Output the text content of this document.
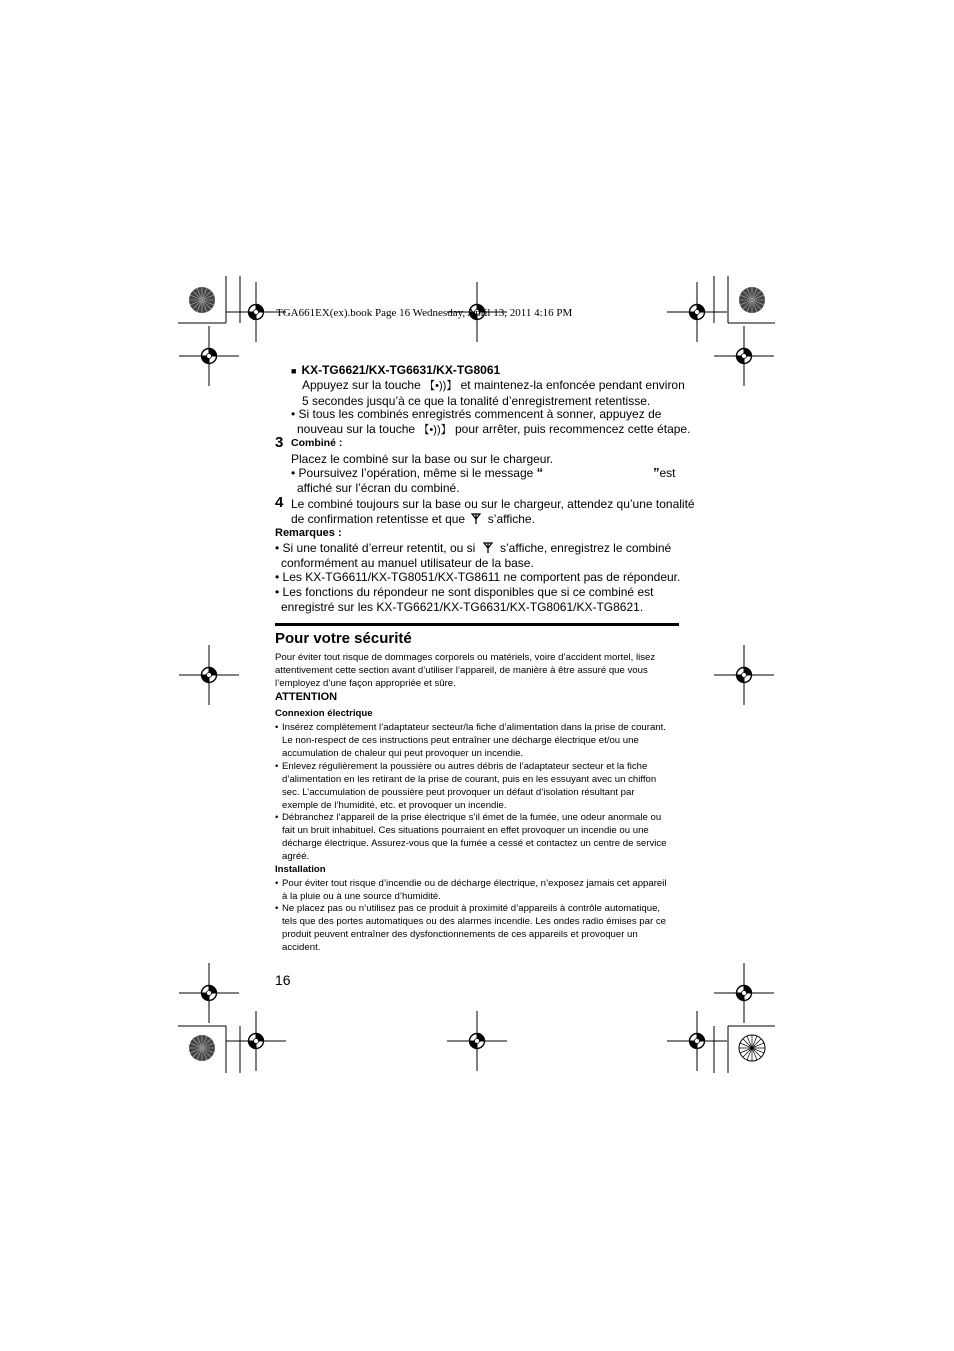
TGA661EX(ex).book Page 16 Wednesday, April 13, 2011 4:16 PM
■ KX-TG6621/KX-TG6631/KX-TG8061
Appuyez sur la touche 【•))】 et maintenez-la enfoncée pendant environ
5 secondes jusqu’à ce que la tonalité d’enregistrement retentisse.
• Si tous les combinés enregistrés commencent à sonner, appuyez de
nouveau sur la touche 【•))】 pour arrêter, puis recommencez cette étape.
3 Combiné :
Placez le combiné sur la base ou sur le chargeur.
• Poursuivez l’opération, même si le message “	”est

affiché sur l’écran du combiné.
4 Le combiné toujours sur la base ou sur le chargeur, attendez qu’une tonalité
de confirmation retentisse et que s’affiche.
Remarques :
• Si une tonalité d’erreur retentit, ou si s’affiche, enregistrez le combiné
conformément au manuel utilisateur de la base.
• Les KX-TG6611/KX-TG8051/KX-TG8611 ne comportent pas de répondeur.
• Les fonctions du répondeur ne sont disponibles que si ce combiné est
enregistré sur les KX-TG6621/KX-TG6631/KX-TG8061/KX-TG8621.
Pour votre sécurité
Pour éviter tout risque de dommages corporels ou matériels, voire d’accident mortel, lisez
attentivement cette section avant d’utiliser l’appareil, de manière à être assuré que vous
l’employez d’une façon appropriée et sûre.
ATTENTION
Connexion électrique
• Insérez complètement l’adaptateur secteur/la fiche d’alimentation dans la prise de courant.
Le non-respect de ces instructions peut entraîner une décharge électrique et/ou une
accumulation de chaleur qui peut provoquer un incendie.
• Enlevez régulièrement la poussière ou autres débris de l’adaptateur secteur et la fiche
d’alimentation en les retirant de la prise de courant, puis en les essuyant avec un chiffon
sec. L’accumulation de poussière peut provoquer un défaut d’isolation résultant par
exemple de l’humidité, etc. et provoquer un incendie.
• Débranchez l’appareil de la prise électrique s’il émet de la fumée, une odeur anormale ou
fait un bruit inhabituel. Ces situations pourraient en effet provoquer un incendie ou une
décharge électrique. Assurez-vous que la fumée a cessé et contactez un centre de service
agréé.
Installation
• Pour éviter tout risque d’incendie ou de décharge électrique, n’exposez jamais cet appareil
à la pluie ou à une source d’humidité.
• Ne placez pas ou n’utilisez pas ce produit à proximité d’appareils à contrôle automatique,
tels que des portes automatiques ou des alarmes incendie. Les ondes radio émises par ce
produit peuvent entraîner des dysfonctionnements de ces appareils et provoquer un
accident.
16
